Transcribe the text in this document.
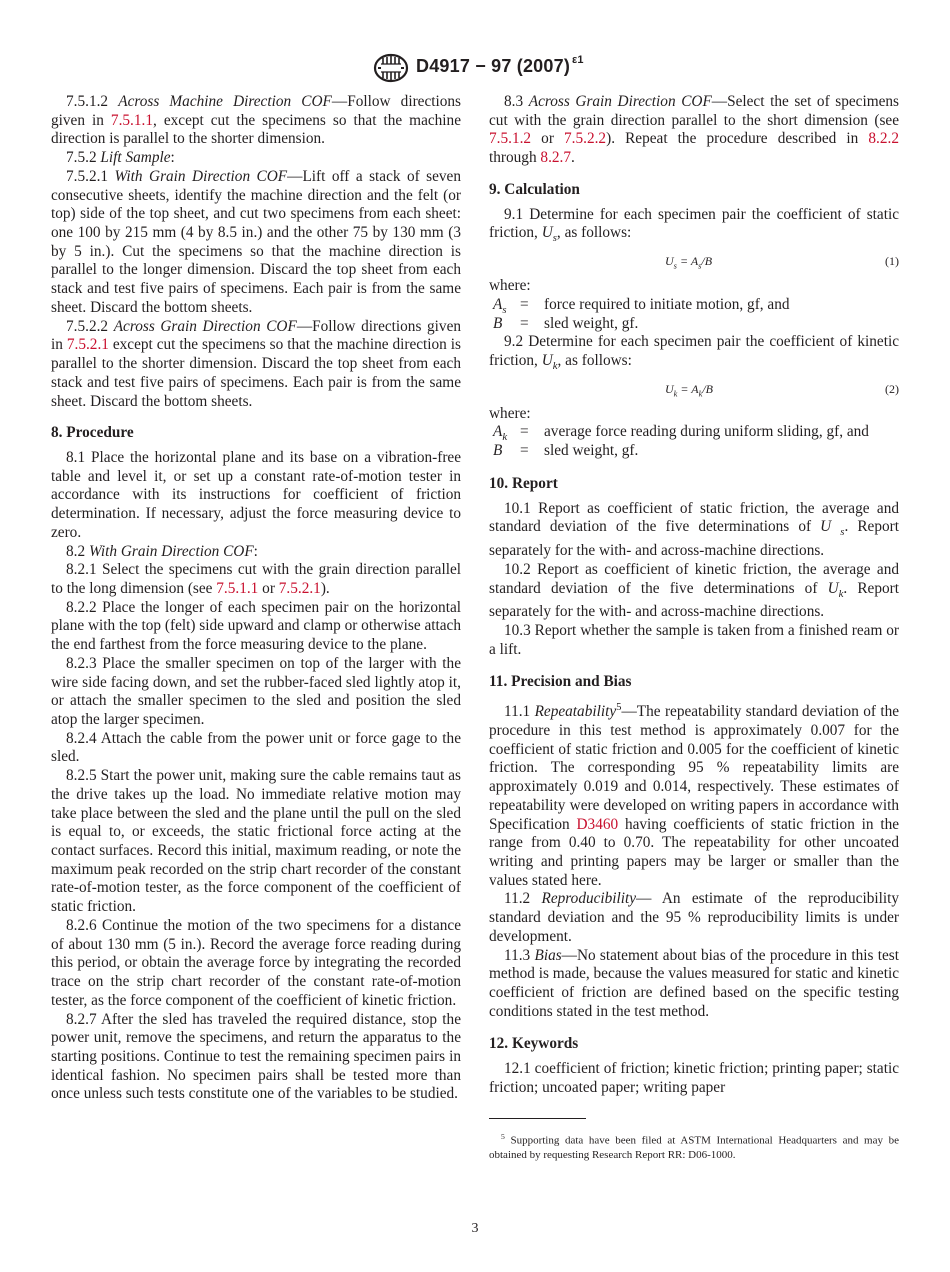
D4917 − 97 (2007) $^{\varepsilon 1}$

7.5.1.2 Across Machine Direction COF—Follow directions given in 7.5.1.1, except cut the specimens so that the machine direction is parallel to the shorter dimension.

7.5.2 Lift Sample:

7.5.2.1 With Grain Direction COF—Lift off a stack of seven consecutive sheets, identify the machine direction and the felt (or top) side of the top sheet, and cut two specimens from each sheet: one 100 by 215 mm (4 by 8.5 in.) and the other 75 by 130 mm (3 by 5 in.). Cut the specimens so that the machine direction is parallel to the longer dimension. Discard the top sheet from each stack and test five pairs of specimens. Each pair is from the same sheet. Discard the bottom sheets.

7.5.2.2 Across Grain Direction COF—Follow directions given in 7.5.2.1 except cut the specimens so that the machine direction is parallel to the shorter dimension. Discard the top sheet from each stack and test five pairs of specimens. Each pair is from the same sheet. Discard the bottom sheets.

8. Procedure

8.1 Place the horizontal plane and its base on a vibration-free table and level it, or set up a constant rate-of-motion tester in accordance with its instructions for coefficient of friction determination. If necessary, adjust the force measuring device to zero.

8.2 With Grain Direction COF:

8.2.1 Select the specimens cut with the grain direction parallel to the long dimension (see 7.5.1.1 or 7.5.2.1).

8.2.2 Place the longer of each specimen pair on the horizontal plane with the top (felt) side upward and clamp or otherwise attach the end farthest from the force measuring device to the plane.

8.2.3 Place the smaller specimen on top of the larger with the wire side facing down, and set the rubber-faced sled lightly atop it, or attach the smaller specimen to the sled and position the sled atop the larger specimen.

8.2.4 Attach the cable from the power unit or force gage to the sled.

8.2.5 Start the power unit, making sure the cable remains taut as the drive takes up the load. No immediate relative motion may take place between the sled and the plane until the pull on the sled is equal to, or exceeds, the static frictional force acting at the contact surfaces. Record this initial, maximum reading, or note the maximum peak recorded on the strip chart recorder of the constant rate-of-motion tester, as the force component of the coefficient of static friction.

8.2.6 Continue the motion of the two specimens for a distance of about 130 mm (5 in.). Record the average force reading during this period, or obtain the average force by integrating the recorded trace on the strip chart recorder of the constant rate-of-motion tester, as the force component of the coefficient of kinetic friction.

8.2.7 After the sled has traveled the required distance, stop the power unit, remove the specimens, and return the apparatus to the starting positions. Continue to test the remaining specimen pairs in identical fashion. No specimen pairs shall be tested more than once unless such tests constitute one of the variables to be studied.

8.3 Across Grain Direction COF—Select the set of specimens cut with the grain direction parallel to the short dimension (see 7.5.1.2 or 7.5.2.2). Repeat the procedure described in 8.2.2 through 8.2.7.

9. Calculation

9.1 Determine for each specimen pair the coefficient of static friction, $U_s$, as follows:

$U_s = A_s/B$	(1)

where:

$A_s$ = force required to initiate motion, gf, and

B = sled weight, gf.

9.2 Determine for each specimen pair the coefficient of kinetic friction, $U_k$, as follows:

$U_k = A_k/B$	(2)

where:

$A_k$ = average force reading during uniform sliding, gf, and

B = sled weight, gf.

10. Report

10.1 Report as coefficient of static friction, the average and standard deviation of the five determinations of U $_s$. Report separately for the with- and across-machine directions.

10.2 Report as coefficient of kinetic friction, the average and standard deviation of the five determinations of $U_k$. Report separately for the with- and across-machine directions.

10.3 Report whether the sample is taken from a finished ream or a lift.

11. Precision and Bias

11.1 Repeatability$^5$—The repeatability standard deviation of the procedure in this test method is approximately 0.007 for the coefficient of static friction and 0.005 for the coefficient of kinetic friction. The corresponding 95 % repeatability limits are approximately 0.019 and 0.014, respectively. These estimates of repeatability were developed on writing papers in accordance with Specification D3460 having coefficients of static friction in the range from 0.40 to 0.70. The repeatability for other uncoated writing and printing papers may be larger or smaller than the values stated here.

11.2 Reproducibility— An estimate of the reproducibility standard deviation and the 95 % reproducibility limits is under development.

11.3 Bias—No statement about bias of the procedure in this test method is made, because the values measured for static and kinetic coefficient of friction are defined based on the specific testing conditions stated in the test method.

12. Keywords

12.1 coefficient of friction; kinetic friction; printing paper; static friction; uncoated paper; writing paper

$^5$ Supporting data have been filed at ASTM International Headquarters and may be obtained by requesting Research Report RR: D06-1000.

3
